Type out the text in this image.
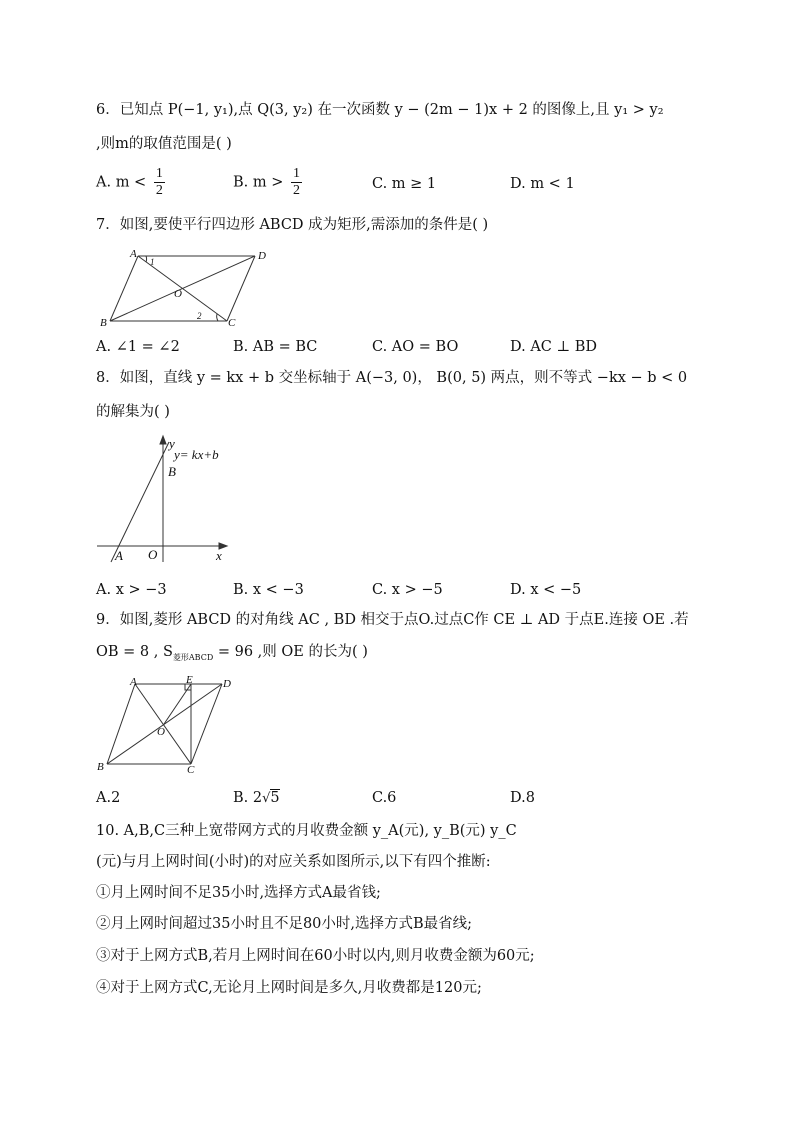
6．已知点 P(−1, y₁),点 Q(3, y₂) 在一次函数 y − (2m − 1)x + 2 的图像上,且 y₁ > y₂
,则m的取值范围是( )
A. $m < \frac{1}{2}$	B. $m > \frac{1}{2}$	C. m ≥ 1	D. m < 1
7．如图,要使平行四边形 ABCD 成为矩形,需添加的条件是( )
A	D
B	C
O
1
2
A. ∠1 = ∠2	B. AB = BC	C. AO = BO	D. AC ⊥ BD
8．如图，直线 y = kx + b 交坐标轴于 A(−3, 0)， B(0, 5) 两点，则不等式 −kx − b < 0
的解集为( )
y
y= kx+b
B
A O	x
A. x > −3	B. x < −3	C. x > −5	D. x < −5
9．如图,菱形 ABCD 的对角线 AC , BD 相交于点O.过点C作 CE ⊥ AD 于点E.连接 OE .若
OB = 8 , $S_{菱形ABCD} = 96$ ,则 OE 的长为( )
A	E	D
B	C
O
A.2	B. 2√5	C.6	D.8
10. A,B,C三种上宽带网方式的月收费金额 y_A(元), y_B(元) y_C
(元)与月上网时间(小时)的对应关系如图所示,以下有四个推断:
①月上网时间不足35小时,选择方式A最省钱;
②月上网时间超过35小时且不足80小时,选择方式B最省线;
③对于上网方式B,若月上网时间在60小时以内,则月收费金额为60元;
④对于上网方式C,无论月上网时间是多久,月收费都是120元;
